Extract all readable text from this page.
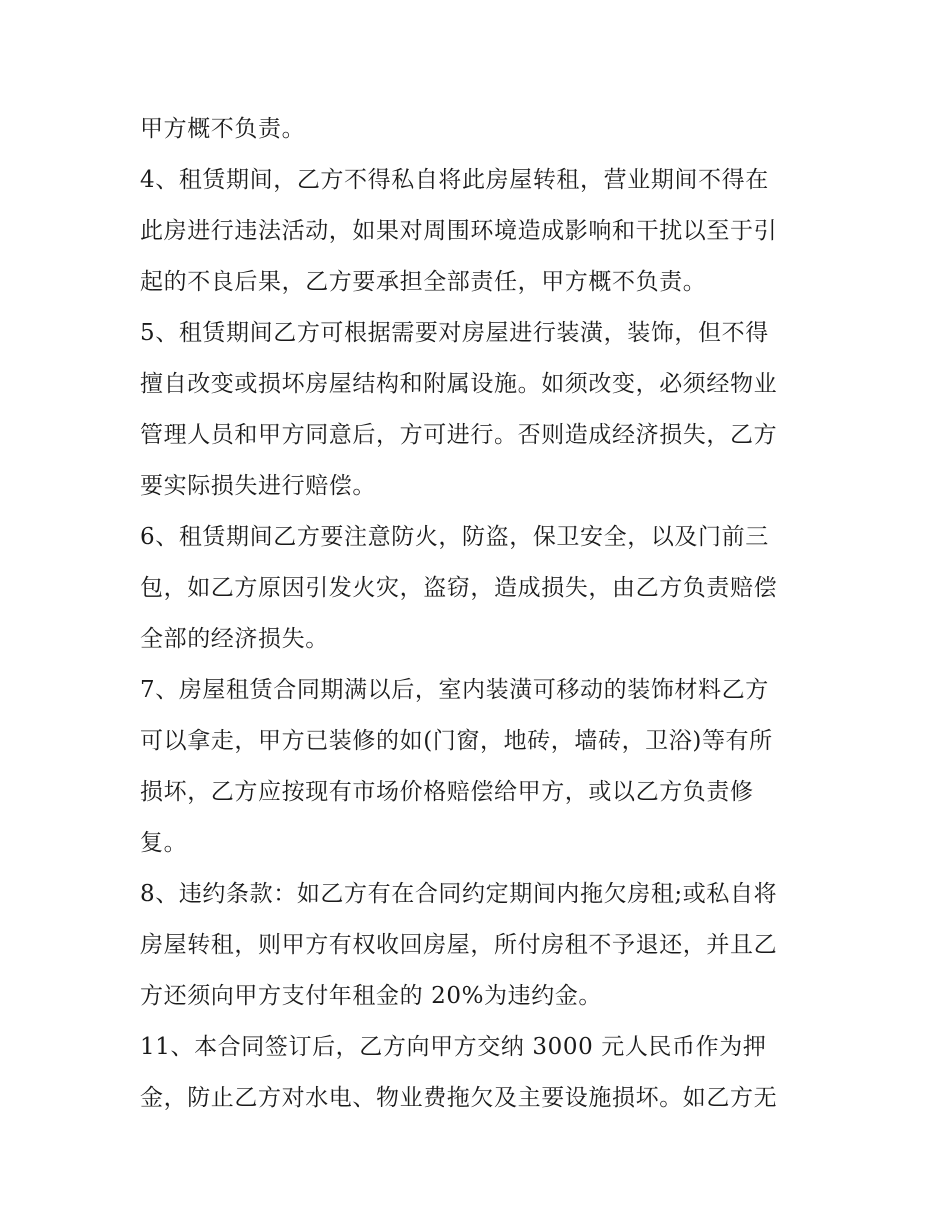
甲方概不负责。
4、租赁期间，乙方不得私自将此房屋转租，营业期间不得在
此房进行违法活动，如果对周围环境造成影响和干扰以至于引
起的不良后果，乙方要承担全部责任，甲方概不负责。
5、租赁期间乙方可根据需要对房屋进行装潢，装饰，但不得
擅自改变或损坏房屋结构和附属设施。如须改变，必须经物业
管理人员和甲方同意后，方可进行。否则造成经济损失，乙方
要实际损失进行赔偿。
6、租赁期间乙方要注意防火，防盗，保卫安全，以及门前三
包，如乙方原因引发火灾，盗窃，造成损失，由乙方负责赔偿
全部的经济损失。
7、房屋租赁合同期满以后，室内装潢可移动的装饰材料乙方
可以拿走，甲方已装修的如(门窗，地砖，墙砖，卫浴)等有所
损坏，乙方应按现有市场价格赔偿给甲方，或以乙方负责修
复。
8、违约条款：如乙方有在合同约定期间内拖欠房租;或私自将
房屋转租，则甲方有权收回房屋，所付房租不予退还，并且乙
方还须向甲方支付年租金的 20%为违约金。
11、本合同签订后，乙方向甲方交纳 3000 元人民币作为押
金，防止乙方对水电、物业费拖欠及主要设施损坏。如乙方无
